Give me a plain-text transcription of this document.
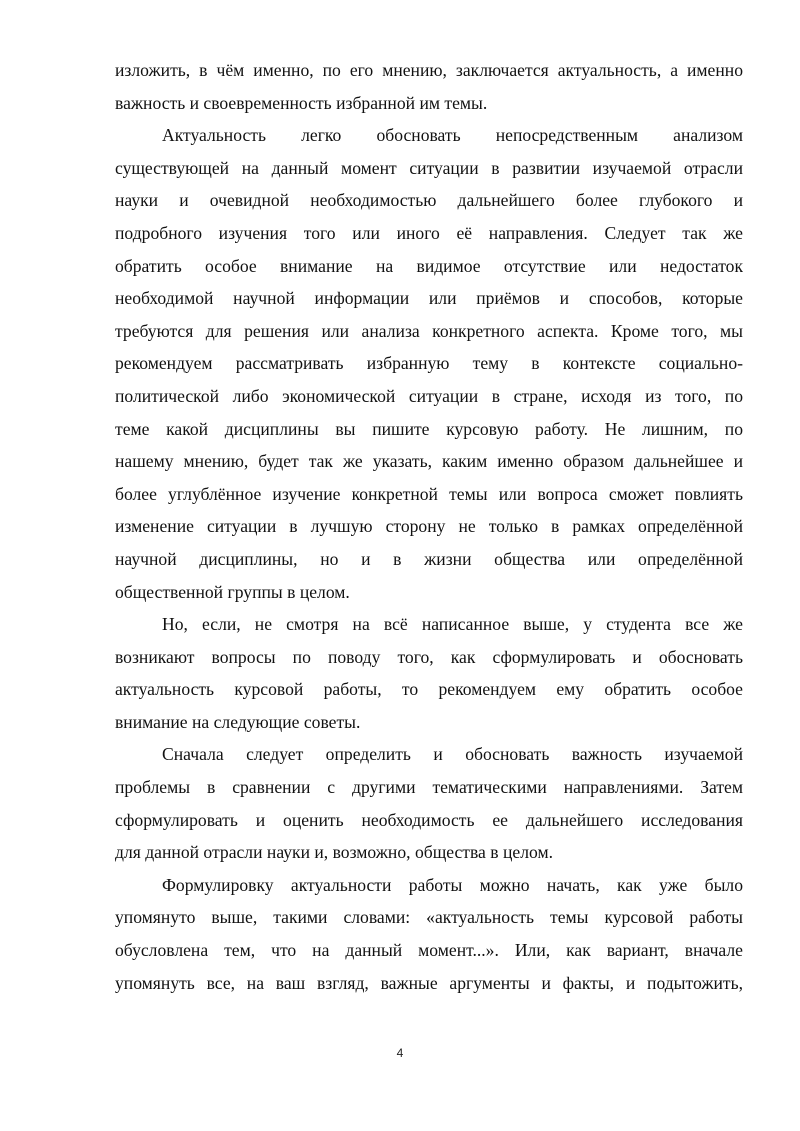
изложить, в чём именно, по его мнению, заключается актуальность, а именно
важность и своевременность избранной им темы.

Актуальность легко обосновать непосредственным анализом
существующей на данный момент ситуации в развитии изучаемой отрасли
науки и очевидной необходимостью дальнейшего более глубокого и
подробного изучения того или иного её направления. Следует так же
обратить особое внимание на видимое отсутствие или недостаток
необходимой научной информации или приёмов и способов, которые
требуются для решения или анализа конкретного аспекта. Кроме того, мы
рекомендуем рассматривать избранную тему в контексте социально-
политической либо экономической ситуации в стране, исходя из того, по
теме какой дисциплины вы пишите курсовую работу. Не лишним, по
нашему мнению, будет так же указать, каким именно образом дальнейшее и
более углублённое изучение конкретной темы или вопроса сможет повлиять
изменение ситуации в лучшую сторону не только в рамках определённой
научной дисциплины, но и в жизни общества или определённой
общественной группы в целом.

Но, если, не смотря на всё написанное выше, у студента все же
возникают вопросы по поводу того, как сформулировать и обосновать
актуальность курсовой работы, то рекомендуем ему обратить особое
внимание на следующие советы.

Сначала следует определить и обосновать важность изучаемой
проблемы в сравнении с другими тематическими направлениями. Затем
сформулировать и оценить необходимость ее дальнейшего исследования
для данной отрасли науки и, возможно, общества в целом.

Формулировку актуальности работы можно начать, как уже было
упомянуто выше, такими словами: «актуальность темы курсовой работы
обусловлена тем, что на данный момент...». Или, как вариант, вначале
упомянуть все, на ваш взгляд, важные аргументы и факты, и подытожить,

4
